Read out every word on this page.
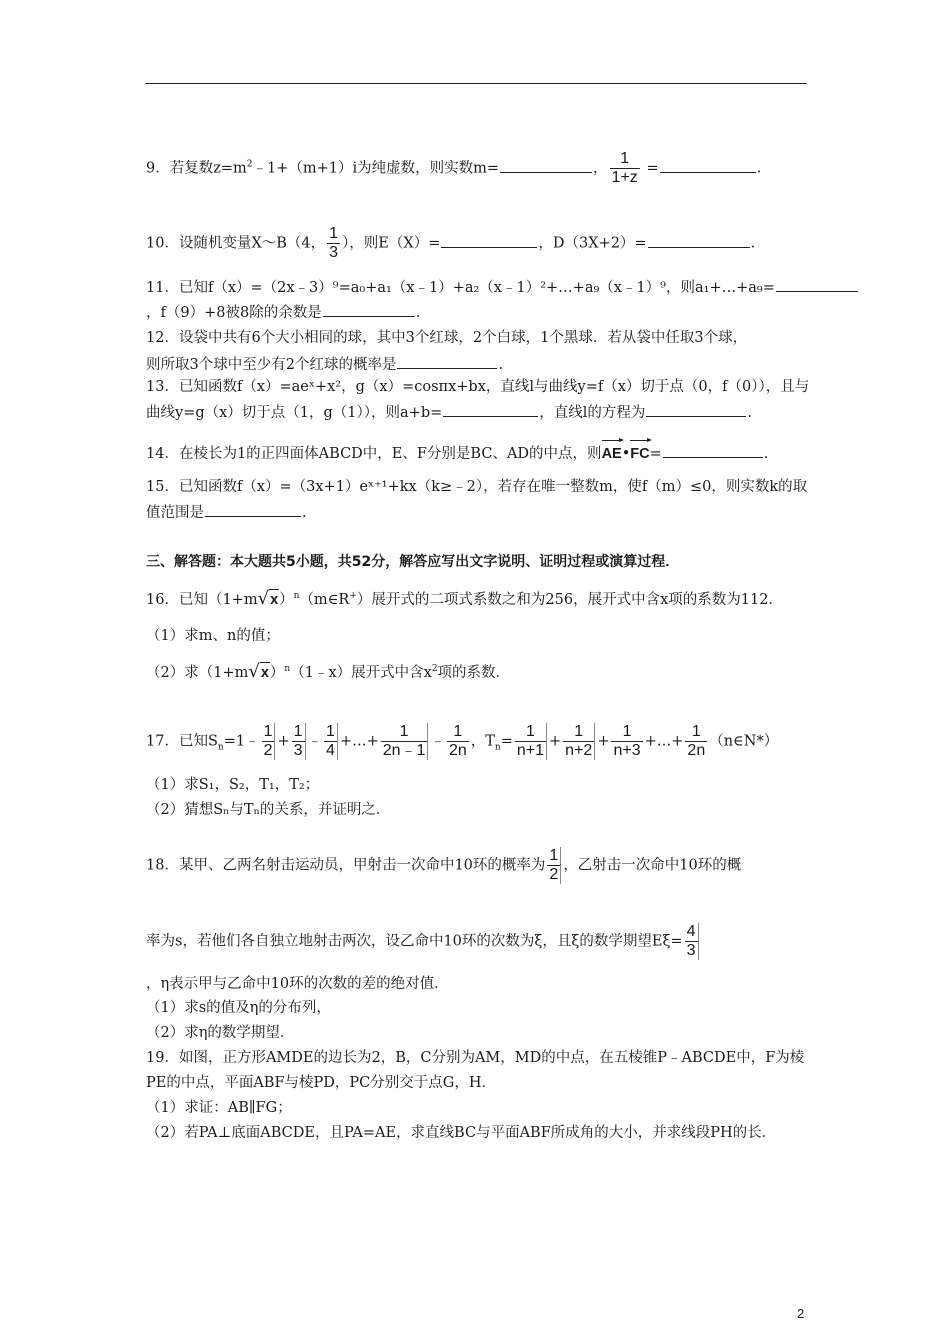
9．若复数$z=m^2﹣1+(m+1)i$为纯虚数，则实数m=	， $\frac{1}{1+z}$ =	.
10．设随机变量X～B（4， $\frac{1}{3}$ ），则E（X）=	，D（3X+2）=	.
11．已知f（x）=（2x﹣3）⁹=a₀+a₁（x﹣1）+a₂（x﹣1）²+…+a₉（x﹣1）⁹，则a₁+…+a₉=
，f（9）+8被8除的余数是	.
12．设袋中共有6个大小相同的球，其中3个红球，2个白球，1个黑球．若从袋中任取3个球，
则所取3个球中至少有2个红球的概率是	.
13．已知函数f（x）=aeˣ+x²，g（x）=cosπx+bx，直线l与曲线y=f（x）切于点（0，f（0）），且与
曲线y=g（x）切于点（1，g（1）），则a+b=	，直线l的方程为	.
14．在棱长为1的正四面体ABCD中，E、F分别是BC、AD的中点，则AE•FC=	.
15．已知函数f（x）=（3x+1）eˣ⁺¹+kx（k≥﹣2），若存在唯一整数m，使f（m）≤0，则实数k的取
值范围是	.
三、解答题：本大题共5小题，共52分，解答应写出文字说明、证明过程或演算过程．
16．已知$(1+m√x)^n(m\in R^+)$展开式的二项式系数之和为256，展开式中含x项的系数为112．
（1）求m、n的值；
（2）求$(1+m√x)^n(1﹣x)$展开式中含$x^2$项的系数．
17．已知$S_n=1﹣ \frac{1}{2} + \frac{1}{3}$ ﹣ $\frac{1}{4}$ +…+ $\frac{1}{2n﹣1}$ ﹣ $\frac{1}{2n}$ ，$T_n= \frac{1}{n+1} + \frac{1}{n+2} + \frac{1}{n+3}$ +…+ $\frac{1}{2n}$ （n∈N*）
（1）求S₁，S₂，T₁，T₂；
（2）猜想Sₙ与Tₙ的关系，并证明之．
18．某甲、乙两名射击运动员，甲射击一次命中10环的概率为 $\frac{1}{2}$ ，乙射击一次命中10环的概
率为s，若他们各自独立地射击两次，设乙命中10环的次数为ξ，且ξ的数学期望$E\xi= \frac{4}{3}$
，η表示甲与乙命中10环的次数的差的绝对值．
（1）求s的值及η的分布列，
（2）求η的数学期望．
19．如图，正方形AMDE的边长为2，B，C分别为AM，MD的中点，在五棱锥P﹣ABCDE中，F为棱
PE的中点，平面ABF与棱PD，PC分别交于点G，H．
（1）求证：AB∥FG；
（2）若PA⊥底面ABCDE，且PA=AE，求直线BC与平面ABF所成角的大小，并求线段PH的长．
2
